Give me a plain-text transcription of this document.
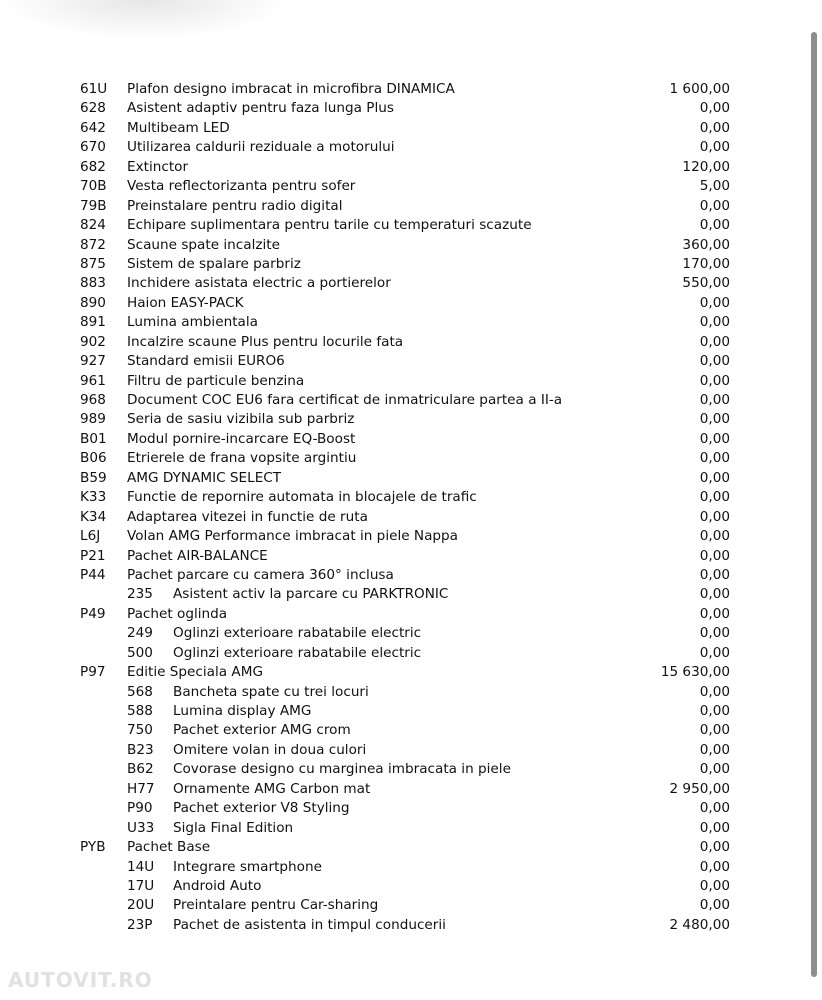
61U Plafon designo imbracat in microfibra DINAMICA	1 600,00
628 Asistent adaptiv pentru faza lunga Plus	0,00
642 Multibeam LED	0,00
670 Utilizarea caldurii reziduale a motorului	0,00
682 Extinctor	120,00
70B Vesta reflectorizanta pentru sofer	5,00
79B Preinstalare pentru radio digital	0,00
824 Echipare suplimentara pentru tarile cu temperaturi scazute	0,00
872 Scaune spate incalzite	360,00
875 Sistem de spalare parbriz	170,00
883 Inchidere asistata electric a portierelor	550,00
890 Haion EASY-PACK	0,00
891 Lumina ambientala	0,00
902 Incalzire scaune Plus pentru locurile fata	0,00
927 Standard emisii EURO6	0,00
961 Filtru de particule benzina	0,00
968 Document COC EU6 fara certificat de inmatriculare partea a II-a	0,00
989 Seria de sasiu vizibila sub parbriz	0,00
B01 Modul pornire-incarcare EQ-Boost	0,00
B06 Etrierele de frana vopsite argintiu	0,00
B59 AMG DYNAMIC SELECT	0,00
K33 Functie de repornire automata in blocajele de trafic	0,00
K34 Adaptarea vitezei in functie de ruta	0,00
L6J Volan AMG Performance imbracat in piele Nappa	0,00
P21 Pachet AIR-BALANCE	0,00
P44 Pachet parcare cu camera 360° inclusa	0,00
235 Asistent activ la parcare cu PARKTRONIC	0,00
P49 Pachet oglinda	0,00
249 Oglinzi exterioare rabatabile electric	0,00
500 Oglinzi exterioare rabatabile electric	0,00
P97 Editie Speciala AMG	15 630,00
568 Bancheta spate cu trei locuri	0,00
588 Lumina display AMG	0,00
750 Pachet exterior AMG crom	0,00
B23 Omitere volan in doua culori	0,00
B62 Covorase designo cu marginea imbracata in piele	0,00
H77 Ornamente AMG Carbon mat	2 950,00
P90 Pachet exterior V8 Styling	0,00
U33 Sigla Final Edition	0,00
PYB Pachet Base	0,00
14U Integrare smartphone	0,00
17U Android Auto	0,00
20U Preintalare pentru Car-sharing	0,00
23P Pachet de asistenta in timpul conducerii	2 480,00
AUTOVIT.RO
